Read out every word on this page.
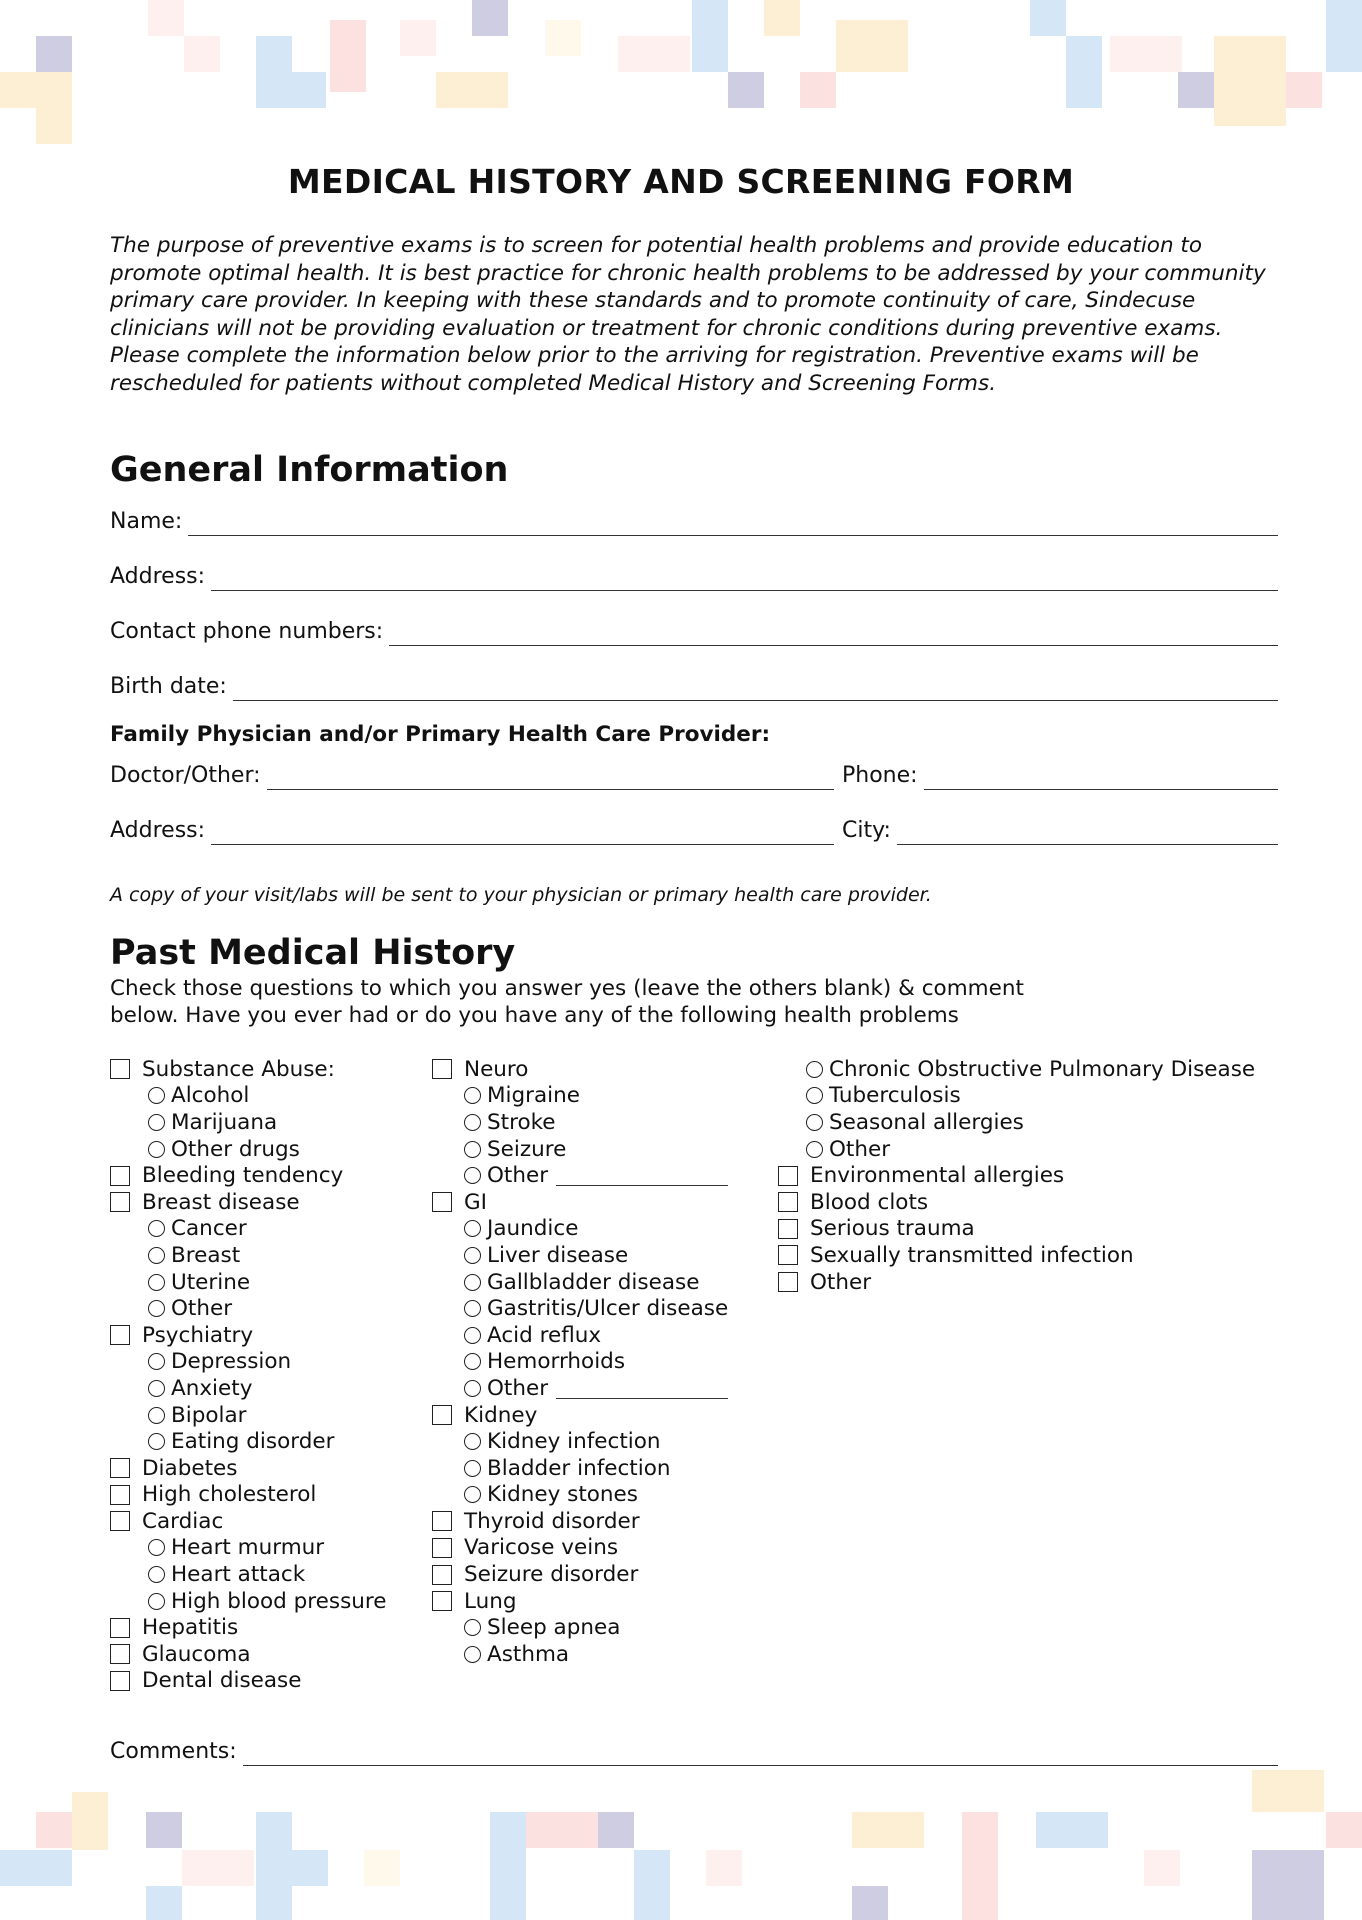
MEDICAL HISTORY AND SCREENING FORM

The purpose of preventive exams is to screen for potential health problems and provide education to promote optimal health. It is best practice for chronic health problems to be addressed by your community primary care provider. In keeping with these standards and to promote continuity of care, Sindecuse clinicians will not be providing evaluation or treatment for chronic conditions during preventive exams. Please complete the information below prior to the arriving for registration. Preventive exams will be rescheduled for patients without completed Medical History and Screening Forms.

General Information
Name:
Address:
Contact phone numbers:
Birth date:

Family Physician and/or Primary Health Care Provider:

Doctor/Other:	Phone:
Address:	City:

A copy of your visit/labs will be sent to your physician or primary health care provider.

Past Medical History

Check those questions to which you answer yes (leave the others blank) & comment below. Have you ever had or do you have any of the following health problems

Substance Abuse:
Alcohol
Marijuana
Other drugs
Bleeding tendency
Breast disease
Cancer
Breast
Uterine
Other
Psychiatry
Depression
Anxiety
Bipolar
Eating disorder
Diabetes
High cholesterol
Cardiac
Heart murmur
Heart attack
High blood pressure
Hepatitis
Glaucoma
Dental disease
Neuro
Migraine
Stroke
Seizure
Other
GI
Jaundice
Liver disease
Gallbladder disease
Gastritis/Ulcer disease
Acid reflux
Hemorrhoids
Other
Kidney
Kidney infection
Bladder infection
Kidney stones
Thyroid disorder
Varicose veins
Seizure disorder
Lung
Sleep apnea
Asthma
Chronic Obstructive Pulmonary Disease
Tuberculosis
Seasonal allergies
Other
Environmental allergies
Blood clots
Serious trauma
Sexually transmitted infection
Other
Comments:
